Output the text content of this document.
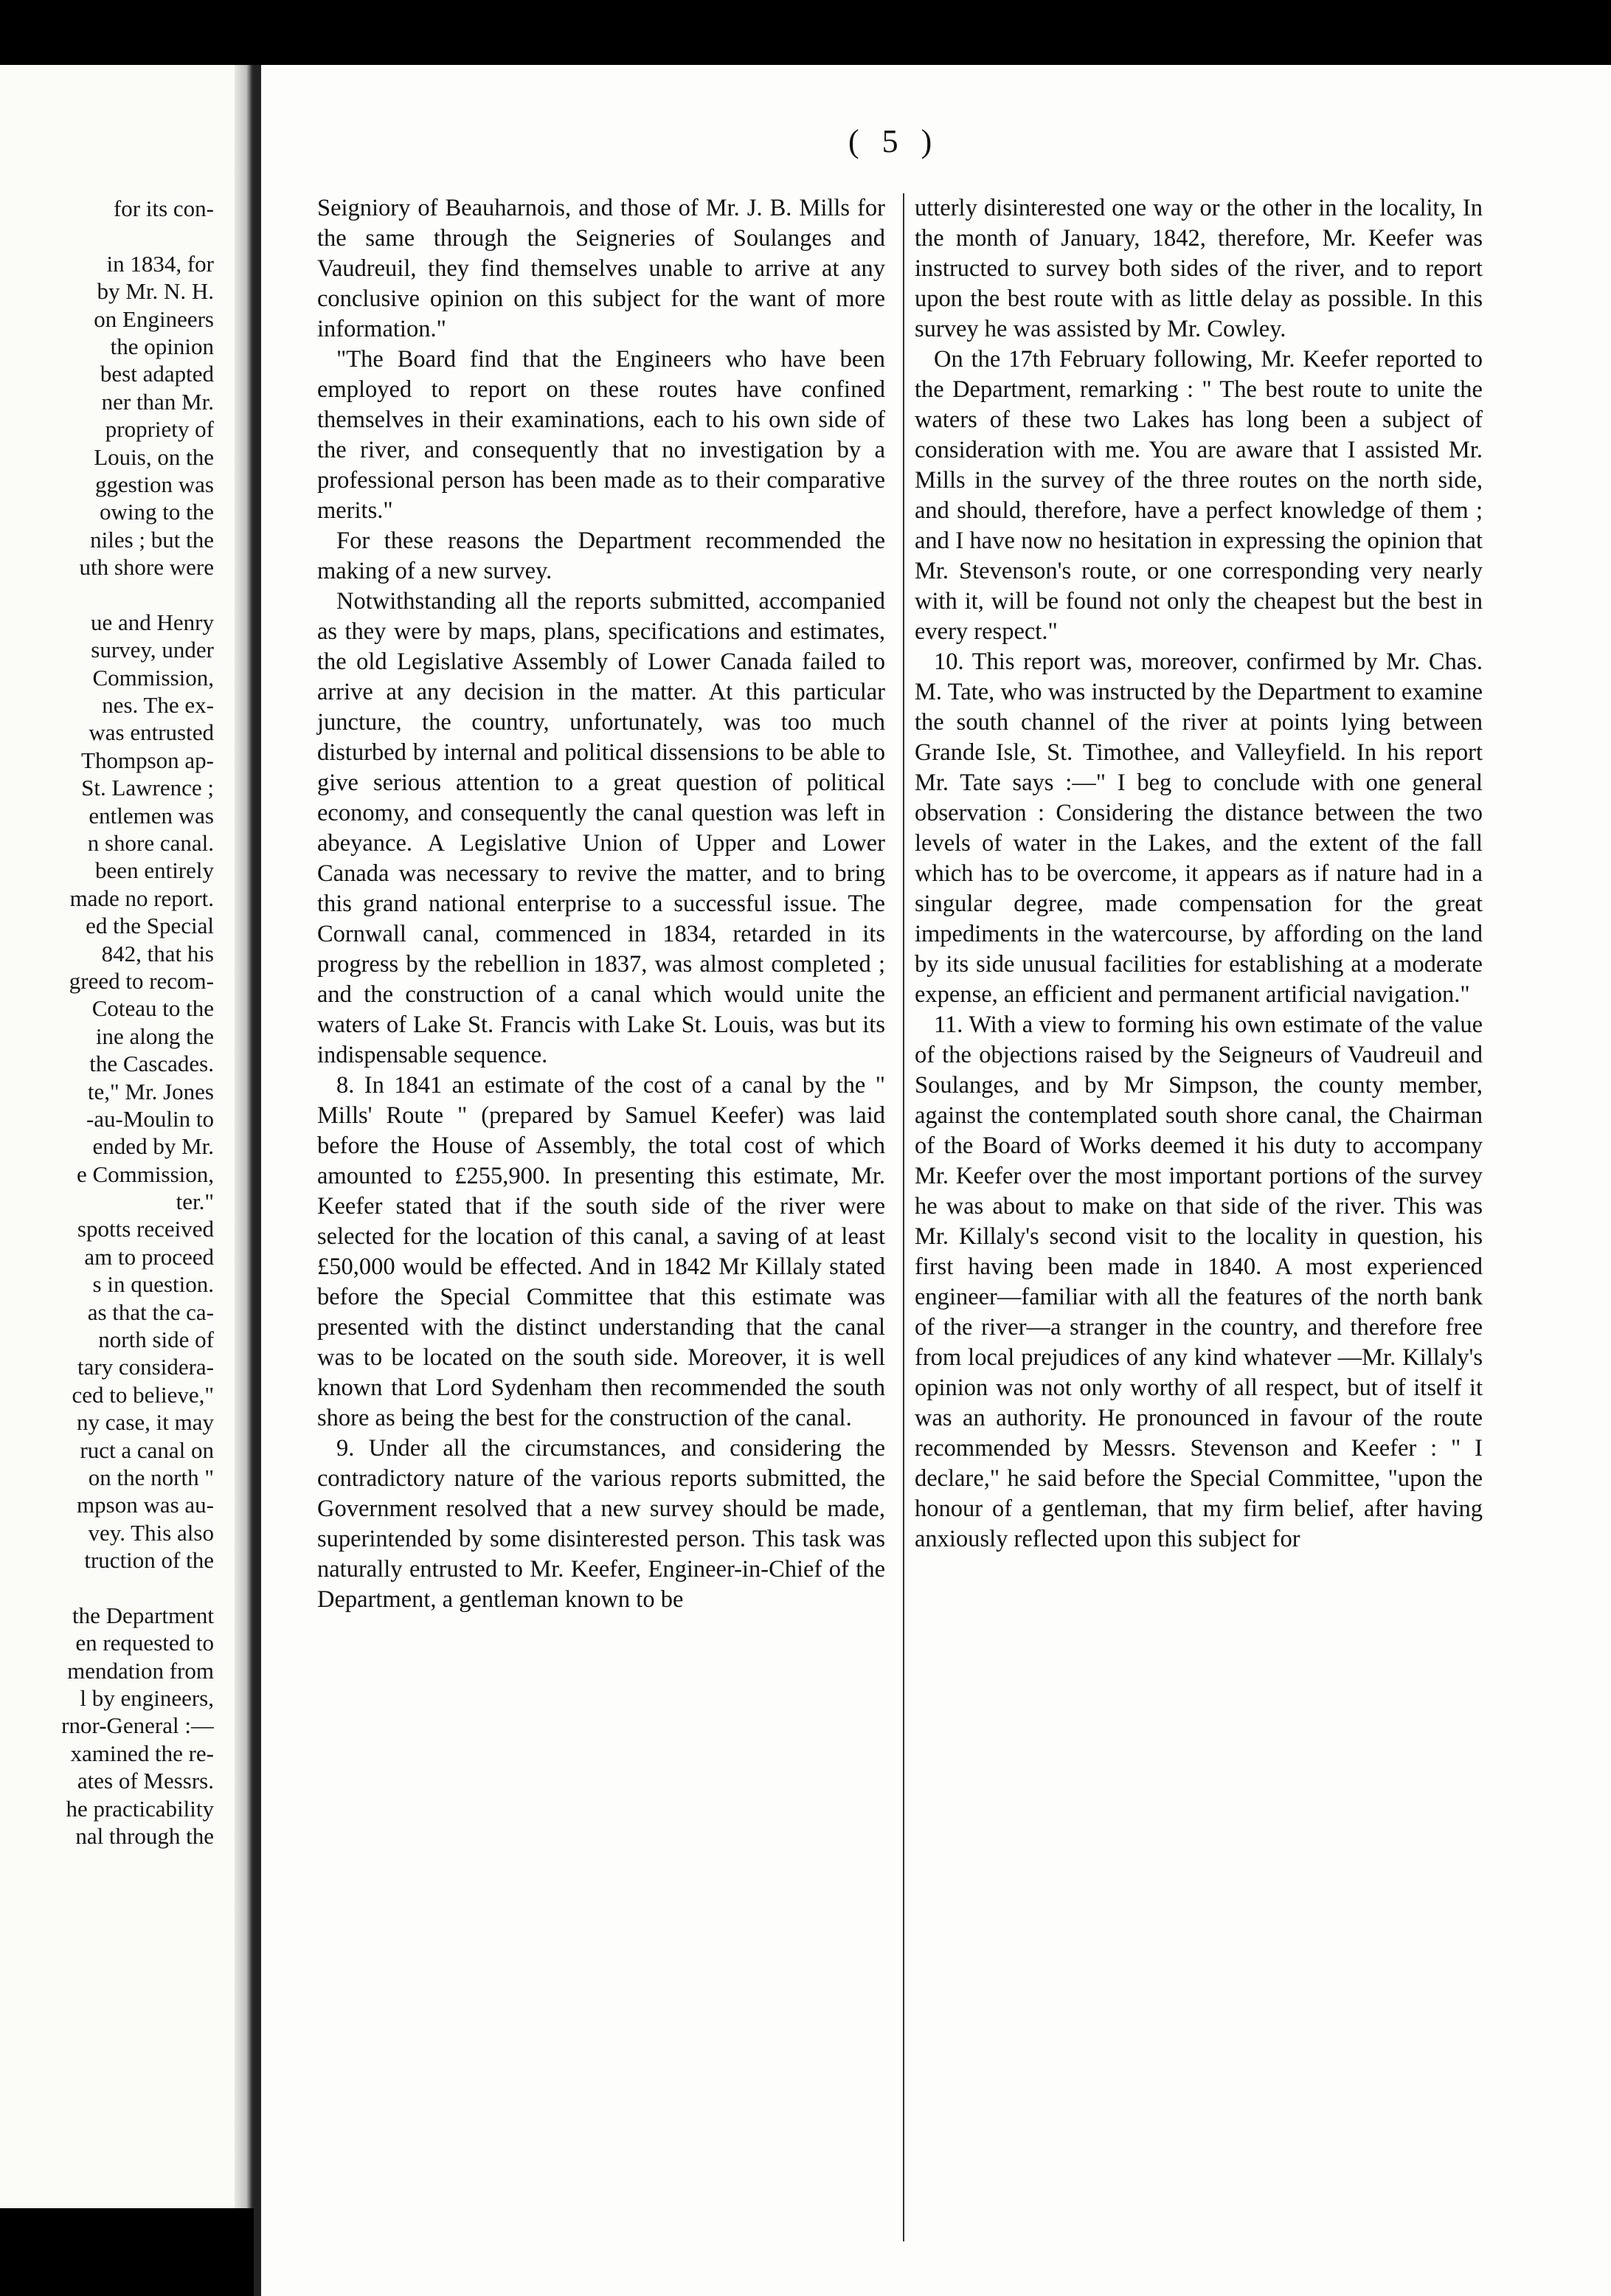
for its con-
in 1834, for
by Mr. N. H.
on Engineers
the opinion
best adapted
ner than Mr.
propriety of
Louis, on the
ggestion was
owing to the
niles ; but the
uth shore were
ue and Henry
survey, under
Commission,
nes. The ex-
was entrusted
Thompson ap-
St. Lawrence ;
entlemen was
n shore canal.
been entirely
made no report.
ed the Special
842, that his
greed to recom-
Coteau to the
ine along the
the Cascades.
te," Mr. Jones
-au-Moulin to
ended by Mr.
e Commission,
ter."
spotts received
am to proceed
s in question.
as that the ca-
north side of
tary considera-
ced to believe,"
ny case, it may
ruct a canal on
on the north "
mpson was au-
vey. This also
truction of the
the Department
en requested to
mendation from
l by engineers,
rnor-General :—
xamined the re-
ates of Messrs.
he practicability
nal through the
( 5 )

Seigniory of Beauharnois, and those of Mr. J. B. Mills for the same through the Seigneries of Soulanges and Vaudreuil, they find themselves unable to arrive at any conclusive opinion on this subject for the want of more information."

"The Board find that the Engineers who have been employed to report on these routes have confined themselves in their examinations, each to his own side of the river, and consequently that no investigation by a professional person has been made as to their comparative merits."

For these reasons the Department recommended the making of a new survey.

Notwithstanding all the reports submitted, accompanied as they were by maps, plans, specifications and estimates, the old Legislative Assembly of Lower Canada failed to arrive at any decision in the matter. At this particular juncture, the country, unfortunately, was too much disturbed by internal and political dissensions to be able to give serious attention to a great question of political economy, and consequently the canal question was left in abeyance. A Legislative Union of Upper and Lower Canada was necessary to revive the matter, and to bring this grand national enterprise to a successful issue. The Cornwall canal, commenced in 1834, retarded in its progress by the rebellion in 1837, was almost completed ; and the construction of a canal which would unite the waters of Lake St. Francis with Lake St. Louis, was but its indispensable sequence.

8. In 1841 an estimate of the cost of a canal by the " Mills' Route " (prepared by Samuel Keefer) was laid before the House of Assembly, the total cost of which amounted to £255,900. In presenting this estimate, Mr. Keefer stated that if the south side of the river were selected for the location of this canal, a saving of at least £50,000 would be effected. And in 1842 Mr Killaly stated before the Special Committee that this estimate was presented with the distinct understanding that the canal was to be located on the south side. Moreover, it is well known that Lord Sydenham then recommended the south shore as being the best for the construction of the canal.

9. Under all the circumstances, and considering the contradictory nature of the various reports submitted, the Government resolved that a new survey should be made, superintended by some disinterested person. This task was naturally entrusted to Mr. Keefer, Engineer-in-Chief of the Department, a gentleman known to be

utterly disinterested one way or the other in the locality, In the month of January, 1842, therefore, Mr. Keefer was instructed to survey both sides of the river, and to report upon the best route with as little delay as possible. In this survey he was assisted by Mr. Cowley.

On the 17th February following, Mr. Keefer reported to the Department, remarking : " The best route to unite the waters of these two Lakes has long been a subject of consideration with me. You are aware that I assisted Mr. Mills in the survey of the three routes on the north side, and should, therefore, have a perfect knowledge of them ; and I have now no hesitation in expressing the opinion that Mr. Stevenson's route, or one corresponding very nearly with it, will be found not only the cheapest but the best in every respect."

10. This report was, moreover, confirmed by Mr. Chas. M. Tate, who was instructed by the Department to examine the south channel of the river at points lying between Grande Isle, St. Timothee, and Valleyfield. In his report Mr. Tate says :—" I beg to conclude with one general observation : Considering the distance between the two levels of water in the Lakes, and the extent of the fall which has to be overcome, it appears as if nature had in a singular degree, made compensation for the great impediments in the watercourse, by affording on the land by its side unusual facilities for establishing at a moderate expense, an efficient and permanent artificial navigation."

11. With a view to forming his own estimate of the value of the objections raised by the Seigneurs of Vaudreuil and Soulanges, and by Mr Simpson, the county member, against the contemplated south shore canal, the Chairman of the Board of Works deemed it his duty to accompany Mr. Keefer over the most important portions of the survey he was about to make on that side of the river. This was Mr. Killaly's second visit to the locality in question, his first having been made in 1840. A most experienced engineer—familiar with all the features of the north bank of the river—a stranger in the country, and therefore free from local prejudices of any kind whatever —Mr. Killaly's opinion was not only worthy of all respect, but of itself it was an authority. He pronounced in favour of the route recommended by Messrs. Stevenson and Keefer : " I declare," he said before the Special Committee, "upon the honour of a gentleman, that my firm belief, after having anxiously reflected upon this subject for
